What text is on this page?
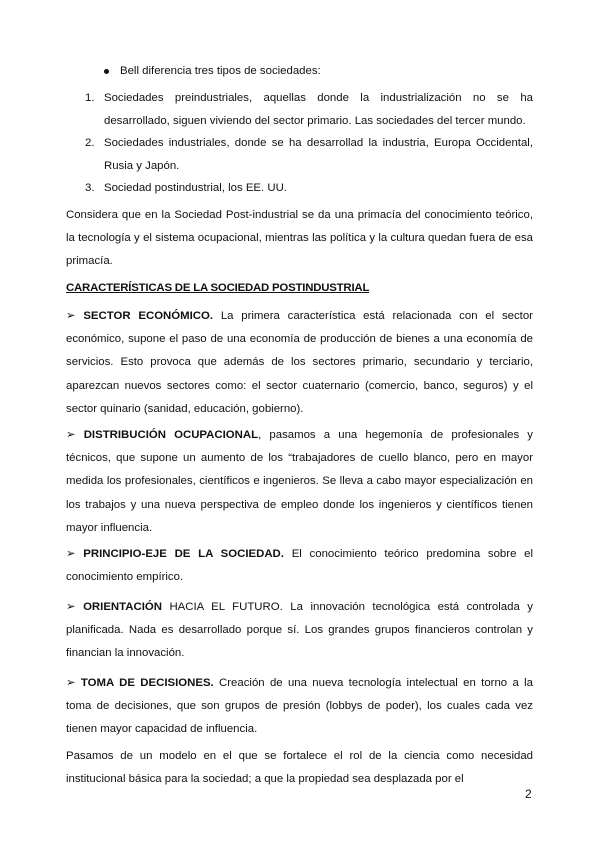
Bell diferencia tres tipos de sociedades:
1. Sociedades preindustriales, aquellas donde la industrialización no se ha desarrollado, siguen viviendo del sector primario. Las sociedades del tercer mundo.

2. Sociedades industriales, donde se ha desarrollad la industria, Europa Occidental, Rusia y Japón.

3. Sociedad postindustrial, los EE. UU.

Considera que en la Sociedad Post-industrial se da una primacía del conocimiento teórico, la tecnología y el sistema ocupacional, mientras las política y la cultura quedan fuera de esa primacía.

CARACTERÍSTICAS DE LA SOCIEDAD POSTINDUSTRIAL

➢ SECTOR ECONÓMICO. La primera característica está relacionada con el sector económico, supone el paso de una economía de producción de bienes a una economía de servicios. Esto provoca que además de los sectores primario, secundario y terciario, aparezcan nuevos sectores como: el sector cuaternario (comercio, banco, seguros) y el sector quinario (sanidad, educación, gobierno).

➢ DISTRIBUCIÓN OCUPACIONAL, pasamos a una hegemonía de profesionales y técnicos, que supone un aumento de los “trabajadores de cuello blanco, pero en mayor medida los profesionales, científicos e ingenieros. Se lleva a cabo mayor especialización en los trabajos y una nueva perspectiva de empleo donde los ingenieros y científicos tienen mayor influencia.

➢ PRINCIPIO-EJE DE LA SOCIEDAD. El conocimiento teórico predomina sobre el conocimiento empírico.

➢ ORIENTACIÓN HACIA EL FUTURO. La innovación tecnológica está controlada y planificada. Nada es desarrollado porque sí. Los grandes grupos financieros controlan y financian la innovación.

➢ TOMA DE DECISIONES. Creación de una nueva tecnología intelectual en torno a la toma de decisiones, que son grupos de presión (lobbys de poder), los cuales cada vez tienen mayor capacidad de influencia.

Pasamos de un modelo en el que se fortalece el rol de la ciencia como necesidad institucional básica para la sociedad; a que la propiedad sea desplazada por el

2
